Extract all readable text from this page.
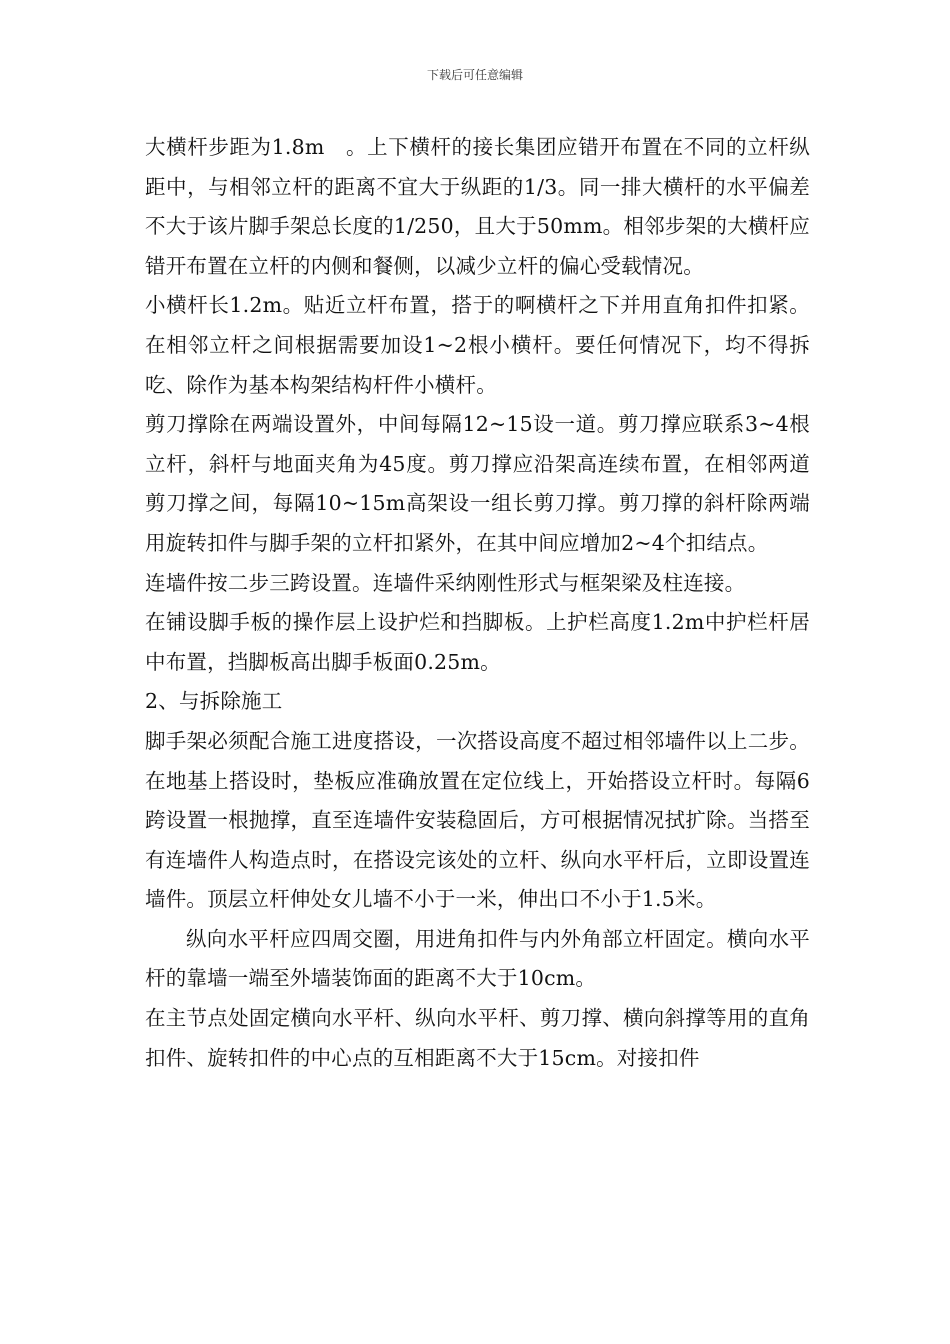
下载后可任意编辑

大横杆步距为1.8m　。上下横杆的接长集团应错开布置在不同的立杆纵距中，与相邻立杆的距离不宜大于纵距的1/3。同一排大横杆的水平偏差不大于该片脚手架总长度的1/250，且大于50mm。相邻步架的大横杆应错开布置在立杆的内侧和餐侧，以减少立杆的偏心受载情况。

小横杆长1.2m。贴近立杆布置，搭于的啊横杆之下并用直角扣件扣紧。在相邻立杆之间根据需要加设1~2根小横杆。要任何情况下，均不得拆吃、除作为基本构架结构杆件小横杆。

剪刀撑除在两端设置外，中间每隔12~15设一道。剪刀撑应联系3~4根立杆，斜杆与地面夹角为45度。剪刀撑应沿架高连续布置，在相邻两道剪刀撑之间，每隔10~15m高架设一组长剪刀撑。剪刀撑的斜杆除两端用旋转扣件与脚手架的立杆扣紧外，在其中间应增加2~4个扣结点。

连墙件按二步三跨设置。连墙件采纳刚性形式与框架梁及柱连接。

在铺设脚手板的操作层上设护烂和挡脚板。上护栏高度1.2m中护栏杆居中布置，挡脚板高出脚手板面0.25m。

2、与拆除施工

脚手架必须配合施工进度搭设，一次搭设高度不超过相邻墙件以上二步。在地基上搭设时，垫板应准确放置在定位线上，开始搭设立杆时。每隔6跨设置一根抛撑，直至连墙件安装稳固后，方可根据情况拭扩除。当搭至有连墙件人构造点时，在搭设完该处的立杆、纵向水平杆后，立即设置连墙件。顶层立杆伸处女儿墙不小于一米，伸出口不小于1.5米。

纵向水平杆应四周交圈，用进角扣件与内外角部立杆固定。横向水平杆的靠墙一端至外墙装饰面的距离不大于10cm。

在主节点处固定横向水平杆、纵向水平杆、剪刀撑、横向斜撑等用的直角扣件、旋转扣件的中心点的互相距离不大于15cm。对接扣件
